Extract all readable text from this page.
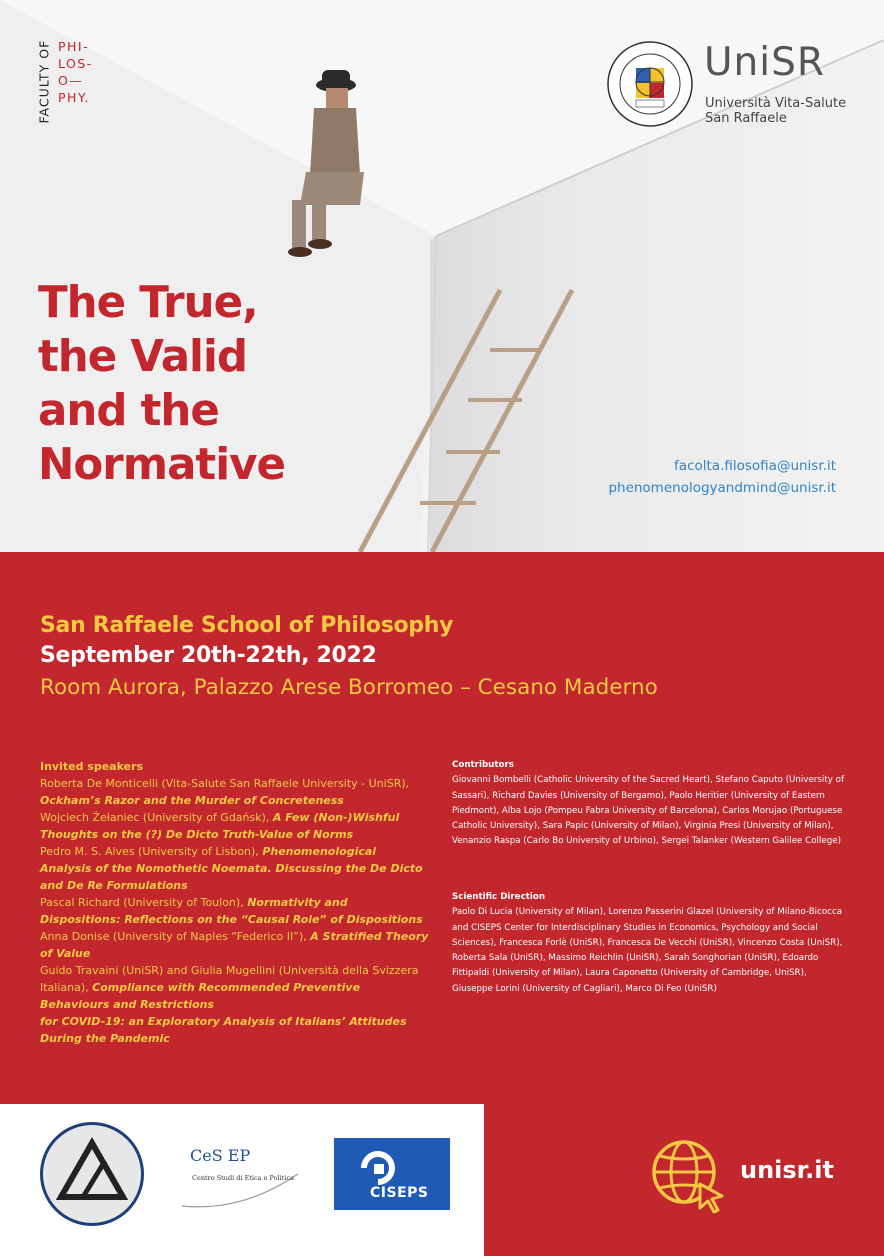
FACULTY OF PHI-
LOS-
O—
PHY.
UniSR
Università Vita-Salute
San Raffaele
The True,
the Valid
and the
Normative	facolta.filosofia@unisr.it
phenomenologyandmind@unisr.it
San Raffaele School of Philosophy
September 20th-22th, 2022
Room Aurora, Palazzo Arese Borromeo – Cesano Maderno
Invited speakers
Roberta De Monticelli (Vita-Salute San Raffaele University - UniSR), Ockham’s Razor and the Murder of Concreteness
Wojciech Żełaniec (University of Gdańsk), A Few (Non-)Wishful Thoughts on the (?) De Dicto Truth-Value of Norms
Pedro M. S. Alves (University of Lisbon), Phenomenological Analysis of the Nomothetic Noemata. Discussing the De Dicto and De Re Formulations
Pascal Richard (University of Toulon), Normativity and Dispositions: Reflections on the “Causal Role” of Dispositions
Anna Donise (University of Naples “Federico II”), A Stratified Theory of Value
Guido Travaini (UniSR) and Giulia Mugellini (Università della Svizzera Italiana), Compliance with Recommended Preventive Behaviours and Restrictions
for COVID-19: an Exploratory Analysis of Italians’ Attitudes During the Pandemic
Contributors
Giovanni Bombelli (Catholic University of the Sacred Heart), Stefano Caputo (University of Sassari), Richard Davies (University of Bergamo), Paolo Heritier (University of Eastern Piedmont), Alba Lojo (Pompeu Fabra University of Barcelona), Carlos Morujao (Portuguese Catholic University), Sara Papic (University of Milan), Virginia Presi (University of Milan), Venanzio Raspa (Carlo Bo University of Urbino), Sergei Talanker (Western Galilee College)
Scientific Direction
Paolo Di Lucia (University of Milan), Lorenzo Passerini Glazel (University of Milano-Bicocca and CISEPS Center for Interdisciplinary Studies in Economics, Psychology and Social Sciences), Francesca Forlè (UniSR), Francesca De Vecchi (UniSR), Vincenzo Costa (UniSR), Roberta Sala (UniSR), Massimo Reichlin (UniSR), Sarah Songhorian (UniSR), Edoardo Fittipaldi (University of Milan), Laura Caponetto (University of Cambridge, UniSR), Giuseppe Lorini (University of Cagliari), Marco Di Feo (UniSR)
CeS EP
Centro Studi di Etica e Politica
CISEPS
unisr.it
